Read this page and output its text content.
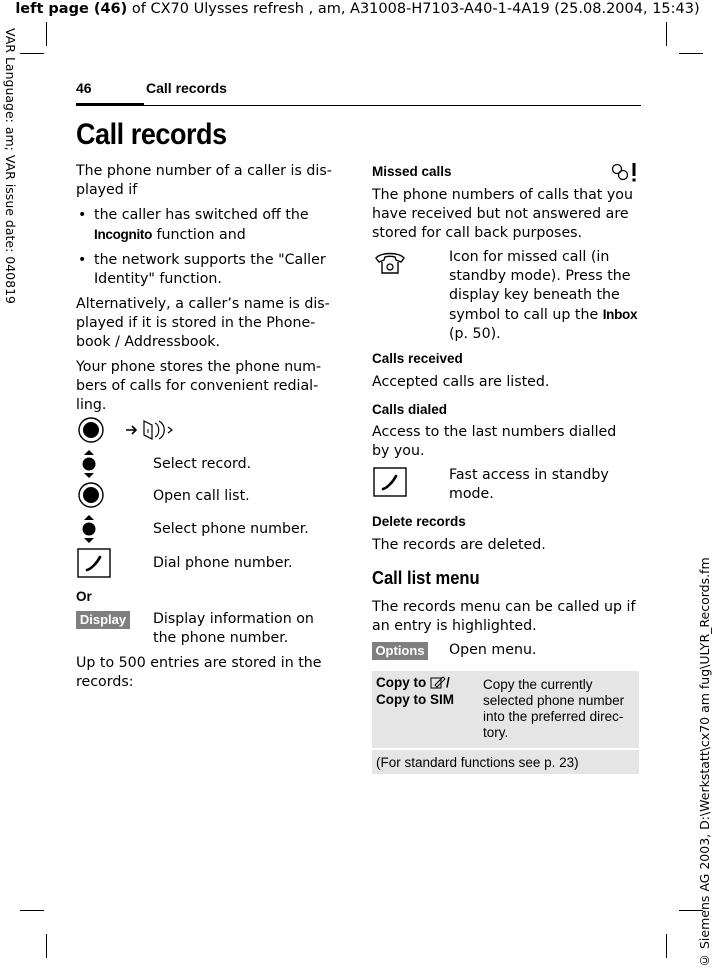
left page (46) of CX70 Ulysses refresh , am, A31008-H7103-A40-1-4A19 (25.08.2004, 15:43)
VAR Language: am; VAR issue date: 040819
© Siemens AG 2003, D:\Werkstatt\cx70 am fug\ULYR_Records.fm
46	Call records
Call records

The phone number of a caller is dis-played if

• the caller has switched off the Incognito function and
• the network supports the "Caller Identity" function.

Alternatively, a caller’s name is dis-played if it is stored in the Phone-book / Addressbook.

Your phone stores the phone num-bers of calls for convenient redial-ling.

Select record.
Open call list.
Select phone number.
Dial phone number.
Or
Display Display information on the phone number.
Up to 500 entries are stored in the records:
Missed calls
The phone numbers of calls that you have received but not answered are stored for call back purposes.
Icon for missed call (in standby mode). Press the display key beneath the symbol to call up the Inbox (p. 50).
Calls received
Accepted calls are listed.
Calls dialed
Access to the last numbers dialled by you.
Fast access in standby mode.
Delete records
The records are deleted.
Call list menu
The records menu can be called up if an entry is highlighted.
Options Open menu.
Copy to /
Copy to SIM
Copy the currently selected phone number into the preferred direc-tory.
(For standard functions see p. 23)
